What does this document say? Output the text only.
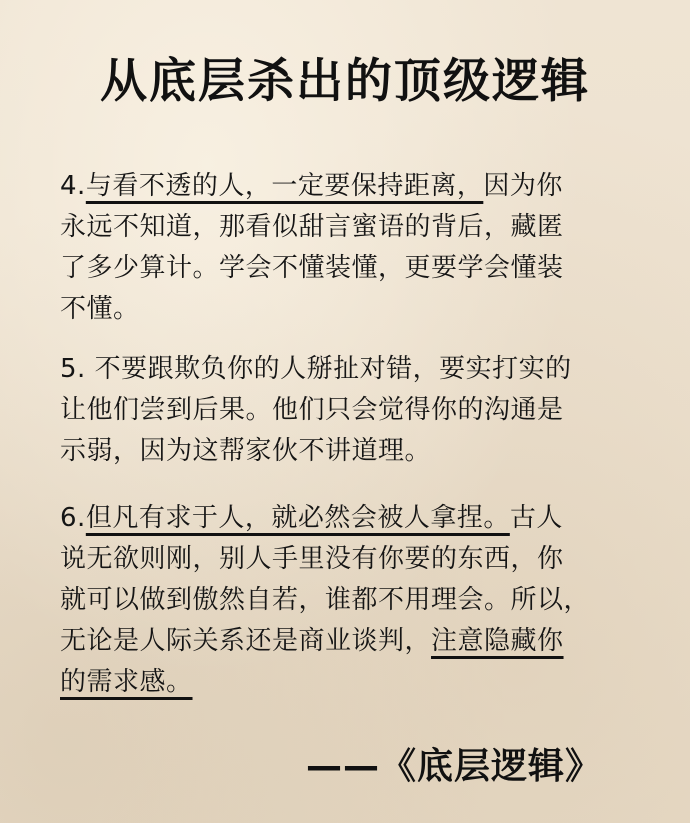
从底层杀出的顶级逻辑
4.与看不透的人，一定要保持距离，因为你
永远不知道，那看似甜言蜜语的背后，藏匿
了多少算计。学会不懂装懂，更要学会懂装
不懂。
5. 不要跟欺负你的人掰扯对错，要实打实的
让他们尝到后果。他们只会觉得你的沟通是
示弱，因为这帮家伙不讲道理。
6.但凡有求于人，就必然会被人拿捏。古人
说无欲则刚，别人手里没有你要的东西，你
就可以做到傲然自若，谁都不用理会。所以，
无论是人际关系还是商业谈判，注意隐藏你
的需求感。
——《底层逻辑》
